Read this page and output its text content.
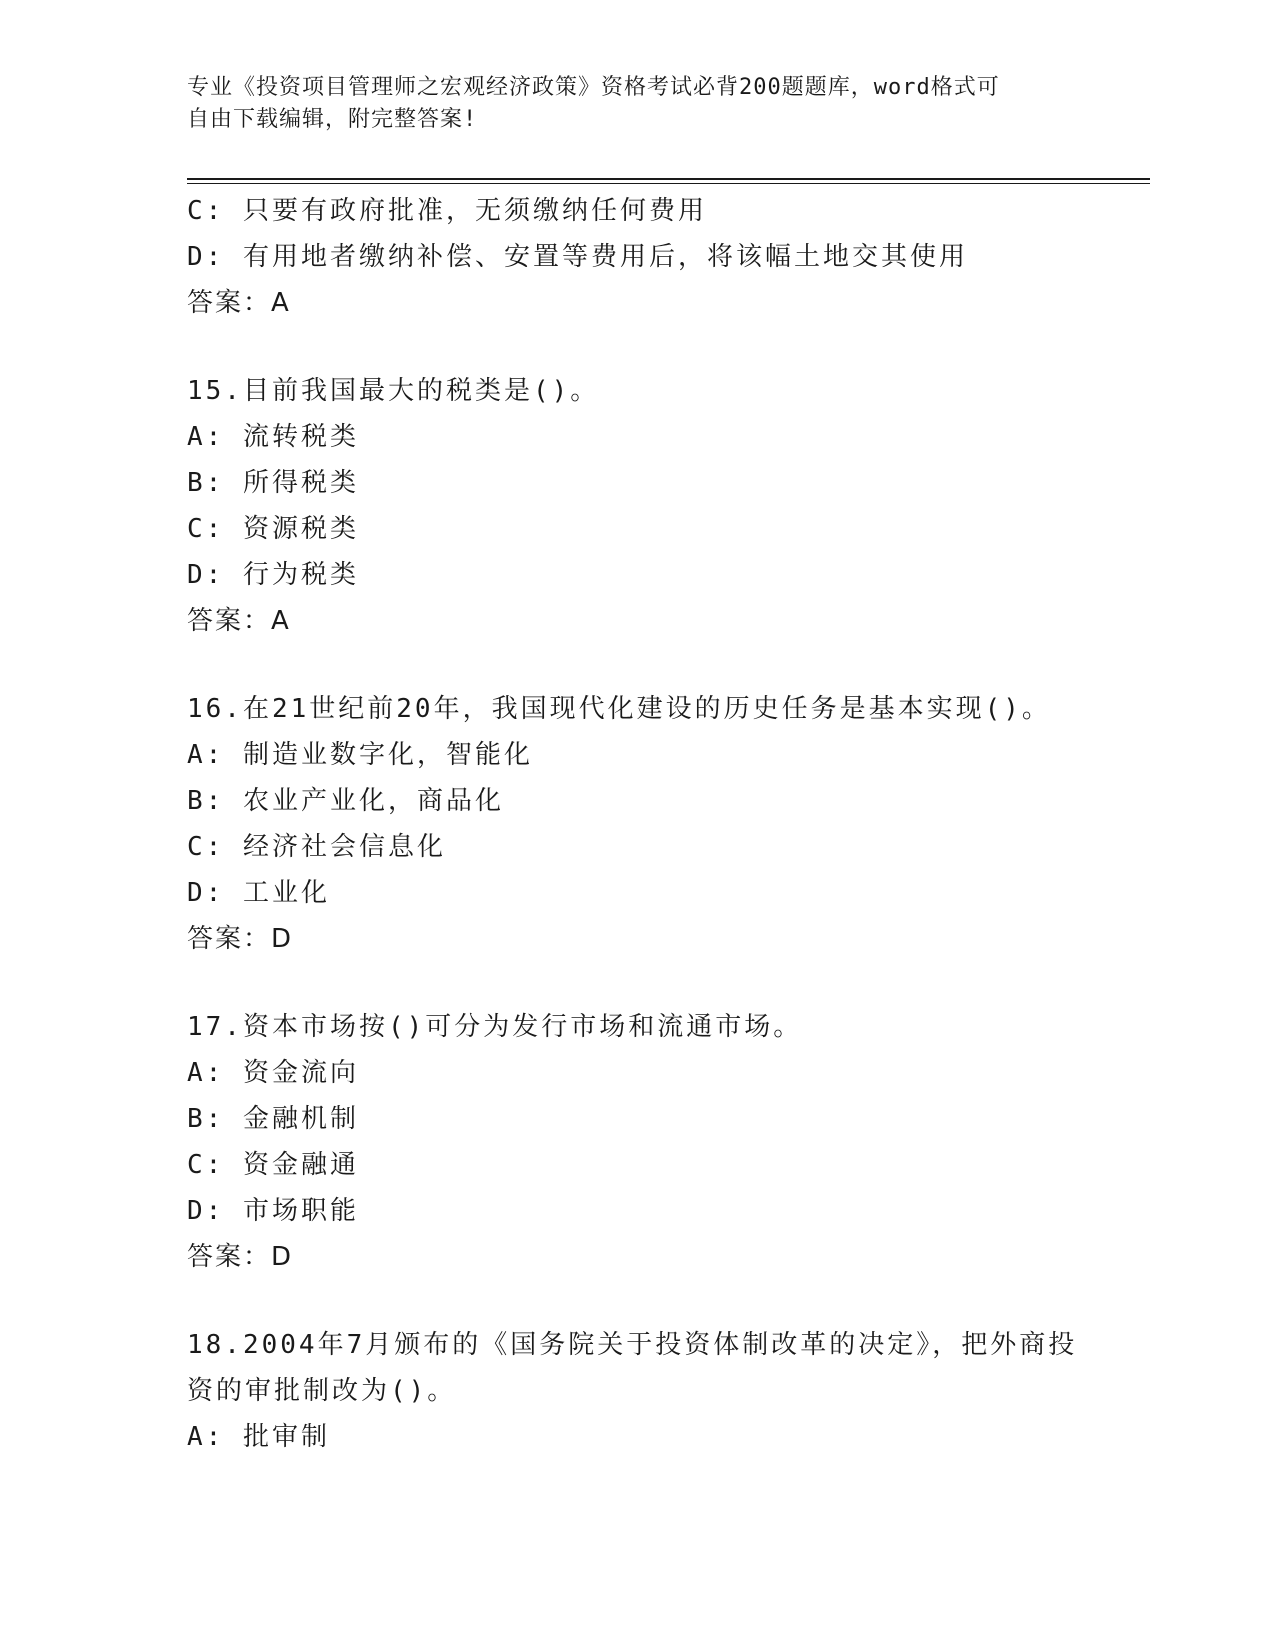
专业《投资项目管理师之宏观经济政策》资格考试必背200题题库，word格式可
自由下载编辑，附完整答案!
C: 只要有政府批准，无须缴纳任何费用
D: 有用地者缴纳补偿、安置等费用后，将该幅土地交其使用
答案：A
15.目前我国最大的税类是()。
A: 流转税类
B: 所得税类
C: 资源税类
D: 行为税类
答案：A
16.在21世纪前20年，我国现代化建设的历史任务是基本实现()。
A: 制造业数字化，智能化
B: 农业产业化，商品化
C: 经济社会信息化
D: 工业化
答案：D
17.资本市场按()可分为发行市场和流通市场。
A: 资金流向
B: 金融机制
C: 资金融通
D: 市场职能
答案：D
18.2004年7月颁布的《国务院关于投资体制改革的决定》，把外商投
资的审批制改为()。
A: 批审制
